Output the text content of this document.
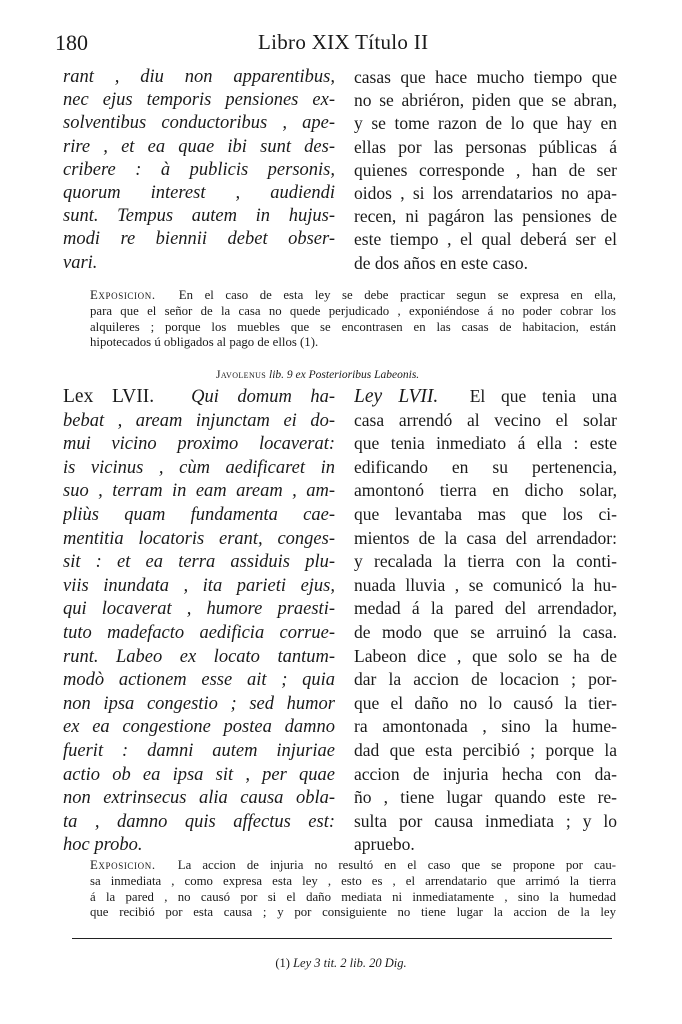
180	Libro XIX Título II
rant , diu non apparentibus,
nec ejus temporis pensiones ex-
solventibus conductoribus , ape-
rire , et ea quae ibi sunt des-
cribere : à publicis personis,
quorum interest , audiendi
sunt. Tempus autem in hujus-
modi re biennii debet obser-
vari.
casas que hace mucho tiempo que
no se abriéron, piden que se abran,
y se tome razon de lo que hay en
ellas por las personas públicas á
quienes corresponde , han de ser
oidos , si los arrendatarios no apa-
recen, ni pagáron las pensiones de
este tiempo , el qual deberá ser el
de dos años en este caso.
Exposicion. En el caso de esta ley se debe practicar segun se expresa en ella,
para que el señor de la casa no quede perjudicado , exponiéndose á no poder cobrar los
alquileres ; porque los muebles que se encontrasen en las casas de habitacion, están
hipotecados ú obligados al pago de ellos (1).
Javolenus lib. 9 ex Posterioribus Labeonis.
Lex LVII. Qui domum ha-
bebat , aream injunctam ei do-
mui vicino proximo locaverat:
is vicinus , cùm aedificaret in
suo , terram in eam aream , am-
pliùs quam fundamenta cae-
mentitia locatoris erant, conges-
sit : et ea terra assiduis plu-
viis inundata , ita parieti ejus,
qui locaverat , humore praesti-
tuto madefacto aedificia corrue-
runt. Labeo ex locato tantum-
modò actionem esse ait ; quia
non ipsa congestio ; sed humor
ex ea congestione postea damno
fuerit : damni autem injuriae
actio ob ea ipsa sit , per quae
non extrinsecus alia causa obla-
ta , damno quis affectus est:
hoc probo.
Ley LVII. El que tenia una
casa arrendó al vecino el solar
que tenia inmediato á ella : este
edificando en su pertenencia,
amontonó tierra en dicho solar,
que levantaba mas que los ci-
mientos de la casa del arrendador:
y recalada la tierra con la conti-
nuada lluvia , se comunicó la hu-
medad á la pared del arrendador,
de modo que se arruinó la casa.
Labeon dice , que solo se ha de
dar la accion de locacion ; por-
que el daño no lo causó la tier-
ra amontonada , sino la hume-
dad que esta percibió ; porque la
accion de injuria hecha con da-
ño , tiene lugar quando este re-
sulta por causa inmediata ; y lo
apruebo.
Exposicion. La accion de injuria no resultó en el caso que se propone por cau-
sa inmediata , como expresa esta ley , esto es , el arrendatario que arrimó la tierra
á la pared , no causó por si el daño mediata ni inmediatamente , sino la humedad
que recibió por esta causa ; y por consiguiente no tiene lugar la accion de la ley
(1) Ley 3 tit. 2 lib. 20 Dig.
